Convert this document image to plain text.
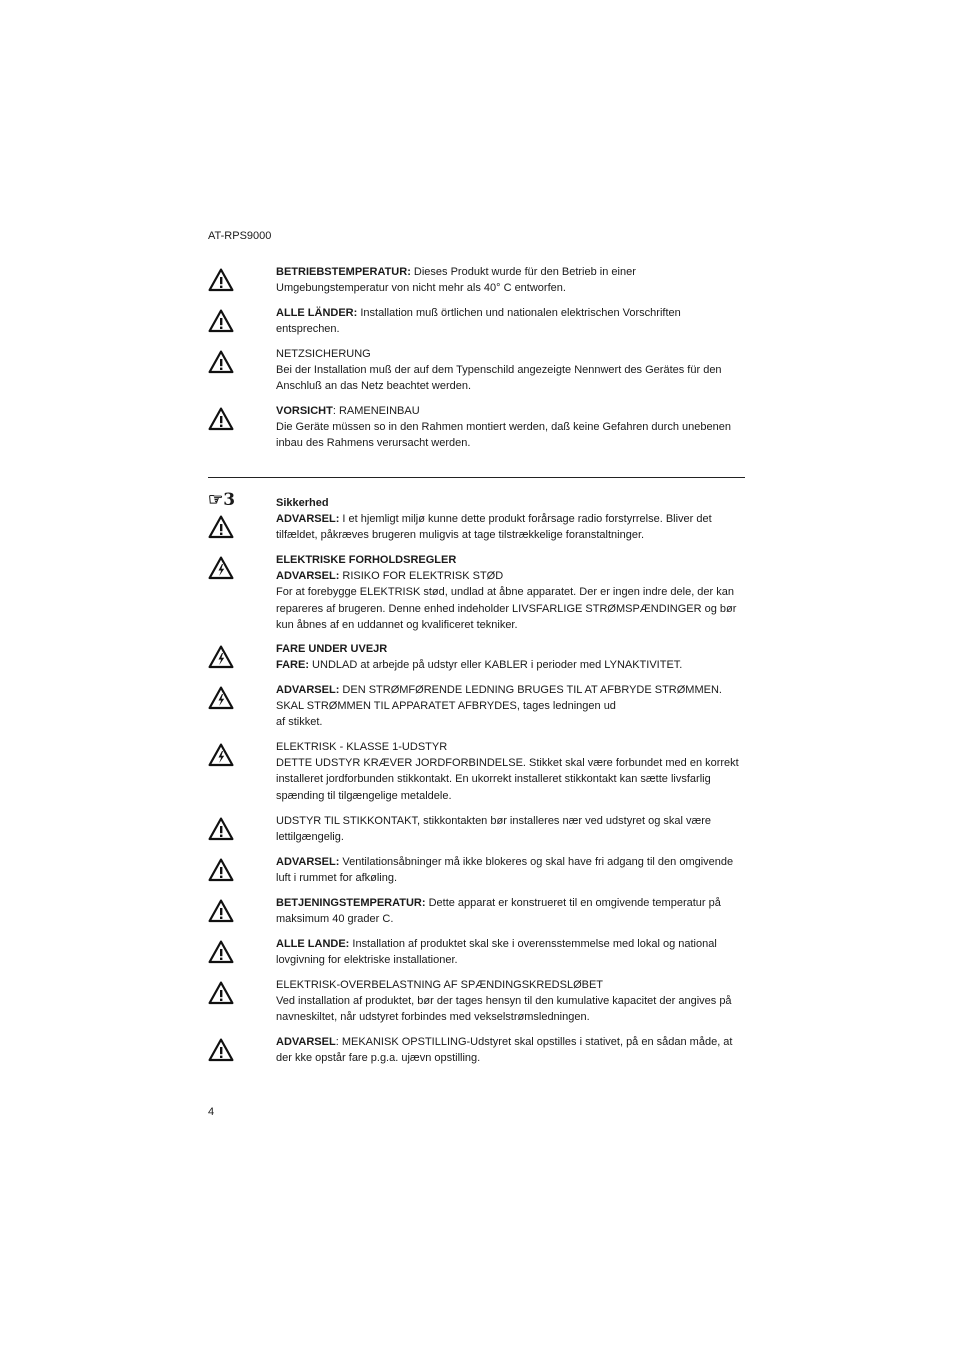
AT-RPS9000
BETRIEBSTEMPERATUR: Dieses Produkt wurde für den Betrieb in einer Umgebungstemperatur von nicht mehr als 40° C entworfen.
ALLE LÄNDER: Installation muß örtlichen und nationalen elektrischen Vorschriften entsprechen.
NETZSICHERUNG
Bei der Installation muß der auf dem Typenschild angezeigte Nennwert des Gerätes für den Anschluß an das Netz beachtet werden.
VORSICHT: RAMENEINBAU
Die Geräte müssen so in den Rahmen montiert werden, daß keine Gefahren durch unebenen inbau des Rahmens verursacht werden.
☞3	Sikkerhed
ADVARSEL: I et hjemligt miljø kunne dette produkt forårsage radio forstyrrelse. Bliver det tilfældet, påkræves brugeren muligvis at tage tilstrækkelige foranstaltninger.
ELEKTRISKE FORHOLDSREGLER
ADVARSEL: RISIKO FOR ELEKTRISK STØD
For at forebygge ELEKTRISK stød, undlad at åbne apparatet. Der er ingen indre dele, der kan repareres af brugeren. Denne enhed indeholder LIVSFARLIGE STRØMSPÆNDINGER og bør kun åbnes af en uddannet og kvalificeret tekniker.
FARE UNDER UVEJR
FARE: UNDLAD at arbejde på udstyr eller KABLER i perioder med LYNAKTIVITET.
ADVARSEL: DEN STRØMFØRENDE LEDNING BRUGES TIL AT AFBRYDE STRØMMEN. SKAL STRØMMEN TIL APPARATET AFBRYDES, tages ledningen ud
af stikket.
ELEKTRISK - KLASSE 1-UDSTYR
DETTE UDSTYR KRÆVER JORDFORBINDELSE. Stikket skal være forbundet med en korrekt installeret jordforbunden stikkontakt. En ukorrekt installeret stikkontakt kan sætte livsfarlig spænding til tilgængelige metaldele.
UDSTYR TIL STIKKONTAKT, stikkontakten bør installeres nær ved udstyret og skal være lettilgængelig.
ADVARSEL: Ventilationsåbninger må ikke blokeres og skal have fri adgang til den omgivende luft i rummet for afkøling.
BETJENINGSTEMPERATUR: Dette apparat er konstrueret til en omgivende temperatur på maksimum 40 grader C.
ALLE LANDE: Installation af produktet skal ske i overensstemmelse med lokal og national lovgivning for elektriske installationer.
ELEKTRISK-OVERBELASTNING AF SPÆNDINGSKREDSLØBET
Ved installation af produktet, bør der tages hensyn til den kumulative kapacitet der angives på navneskiltet, når udstyret forbindes med vekselstrømsledningen.
ADVARSEL: MEKANISK OPSTILLING-Udstyret skal opstilles i stativet, på en sådan måde, at der kke opstår fare p.g.a. ujævn opstilling.
4
